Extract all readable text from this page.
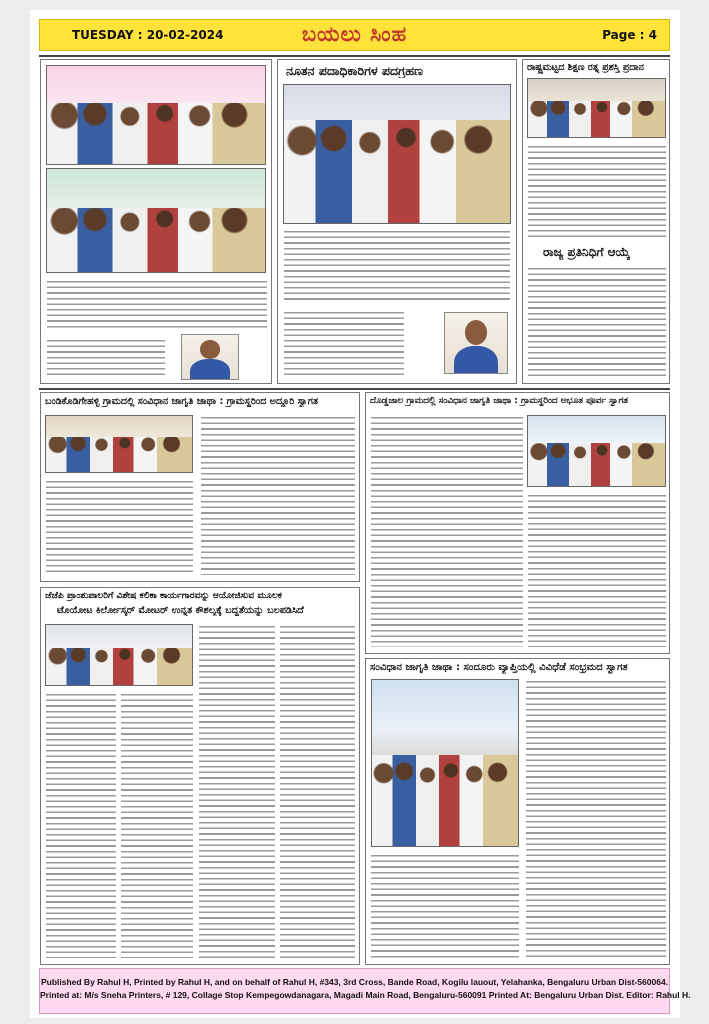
TUESDAY : 20-02-2024	ಬಯಲು ಸಿಂಹ	Page : 4
ನೂತನ ಪದಾಧಿಕಾರಿಗಳ ಪದಗ್ರಹಣ	ರಾಷ್ಟ್ರಮಟ್ಟದ ಶಿಕ್ಷಣ ರತ್ನ ಪ್ರಶಸ್ತಿ ಪ್ರದಾನ
ರಾಜ್ಯ ಪ್ರತಿನಿಧಿಗೆ ಆಯ್ಕೆ
ಬಂಡಿಕೊಡಿಗೇಹಳ್ಳಿ ಗ್ರಾಮದಲ್ಲಿ ಸಂವಿಧಾನ ಜಾಗೃತಿ ಜಾಥಾ : ಗ್ರಾಮಸ್ಥರಿಂದ ಅದ್ದೂರಿ ಸ್ವಾಗತ	ದೊಡ್ಡಜಾಲ ಗ್ರಾಮದಲ್ಲಿ ಸಂವಿಧಾನ ಜಾಗೃತಿ ಜಾಥಾ : ಗ್ರಾಮಸ್ಥರಿಂದ ಅಭೂತ ಪೂರ್ವ ಸ್ವಾಗತ
ಜೆಜೆಪಿ ಪ್ರಾಂಶುಪಾಲರಿಗೆ ವಿಶೇಷ ಕಲಿಕಾ ಕಾರ್ಯಗಾರವನ್ನು ಆಯೋಜಿಸುವ ಮೂಲಕ
ಟೊಯೋಟ ಕಿರ್ಲೋಸ್ಕರ್ ಮೋಟರ್ ಉನ್ನತ ಕೌಶಲ್ಯಕ್ಕೆ ಬದ್ಧತೆಯನ್ನು ಬಲಪಡಿಸಿದೆ
ಸಂವಿಧಾನ ಜಾಗೃತಿ ಜಾಥಾ : ಸಂದೂರು ವ್ಯಾಪ್ತಿಯಲ್ಲಿ ವಿವಿಧೆಡೆ ಸಂಭ್ರಮದ ಸ್ವಾಗತ
Published By Rahul H, Printed by Rahul H, and on behalf of Rahul H, #343, 3rd Cross, Bande Road, Kogilu lauout, Yelahanka, Bengaluru Urban Dist-560064.
Printed at: M/s Sneha Printers, # 129, Collage Stop Kempegowdanagara, Magadi Main Road, Bengaluru-560091 Printed At: Bengaluru Urban Dist. Editor: Rahul H.
